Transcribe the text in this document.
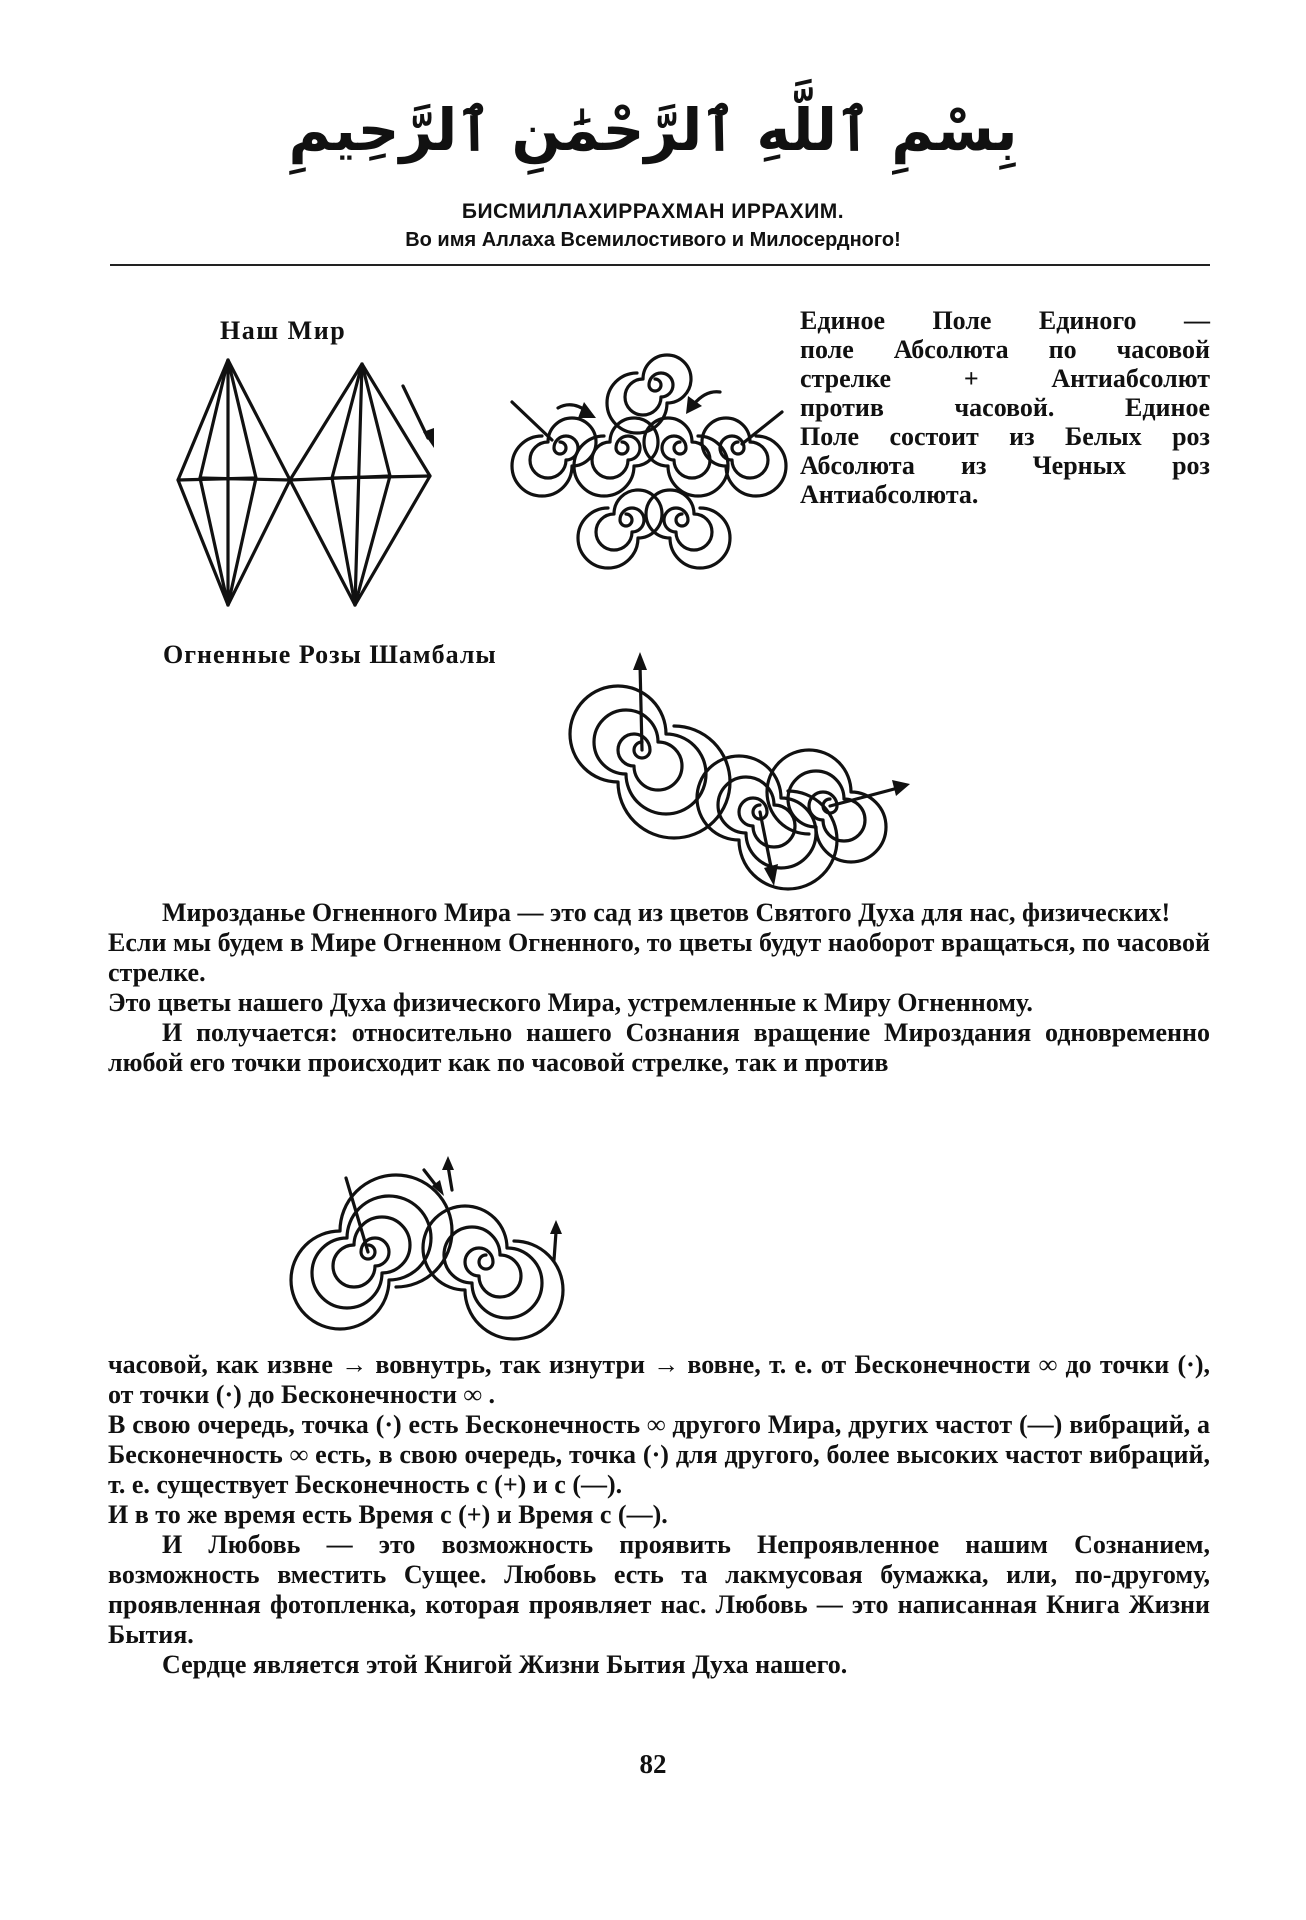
بِسْمِ ٱللَّهِ ٱلرَّحْمَٰنِ ٱلرَّحِيمِ
БИСМИЛЛАХИРРАХМАН ИРРАХИМ.
Во имя Аллаха Всемилостивого и Милосердного!
Наш Мир	Единое Поле Единого —
поле Абсолюта по часовой
стрелке + Антиабсолют
против часовой. Единое
Поле состоит из Белых роз
Абсолюта из Черных роз
Антиабсолюта.
Огненные Розы Шамбалы

Мирозданье Огненного Мира — это сад из цветов Святого Духа для нас, физических!

Если мы будем в Мире Огненном Огненного, то цветы будут наоборот вращаться, по часовой стрелке.

Это цветы нашего Духа физического Мира, устремленные к Миру Огненному.

И получается: относительно нашего Сознания вращение Мироздания одновременно любой его точки происходит как по часовой стрелке, так и против

часовой, как извне → вовнутрь, так изнутри → вовне, т. е. от Бесконечности ∞ до точки (·), от точки (·) до Бесконечности ∞ .

В свою очередь, точка (·) есть Бесконечность ∞ другого Мира, других частот (—) вибраций, а Бесконечность ∞ есть, в свою очередь, точка (·) для другого, более высоких частот вибраций, т. е. существует Бесконечность с (+) и с (—).

И в то же время есть Время с (+) и Время с (—).

И Любовь — это возможность проявить Непроявленное нашим Сознанием, возможность вместить Сущее. Любовь есть та лакмусовая бумажка, или, по-другому, проявленная фотопленка, которая проявляет нас. Любовь — это написанная Книга Жизни Бытия.

Сердце является этой Книгой Жизни Бытия Духа нашего.

82
